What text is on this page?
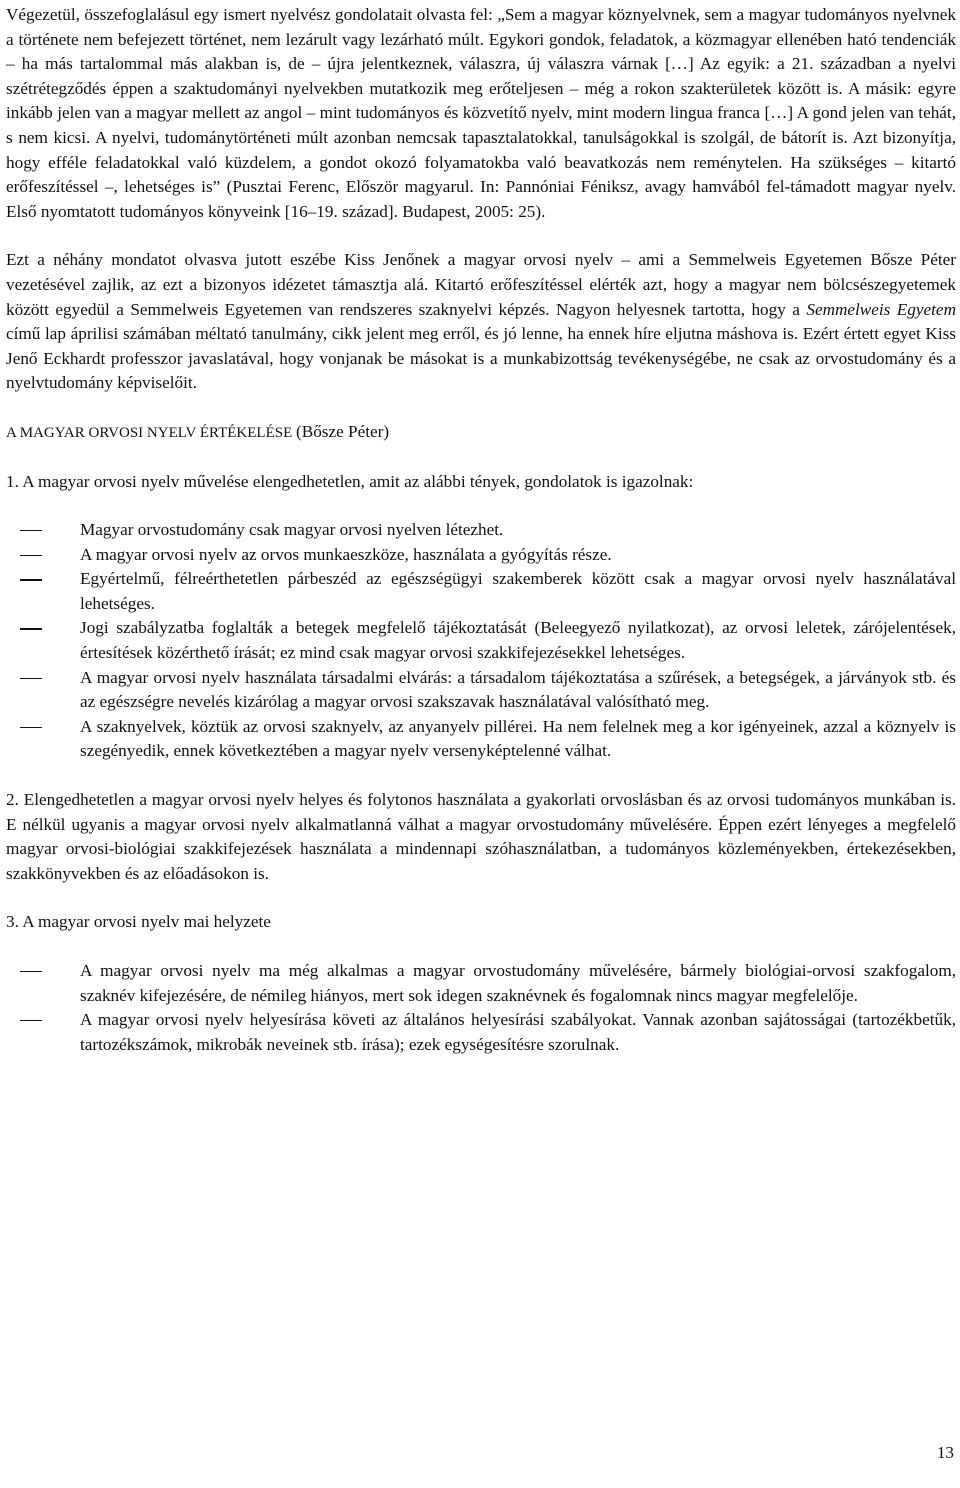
Végezetül, összefoglalásul egy ismert nyelvész gondolatait olvasta fel: „Sem a magyar köznyelvnek, sem a magyar tudományos nyelvnek a története nem befejezett történet, nem lezárult vagy lezárható múlt. Egykori gondok, feladatok, a közmagyar ellenében ható tendenciák – ha más tartalommal más alakban is, de – újra jelentkeznek, válaszra, új válaszra várnak […] Az egyik: a 21. században a nyelvi szétrétegződés éppen a szaktudományi nyelvekben mutatkozik meg erőteljesen – még a rokon szakterületek között is. A másik: egyre inkább jelen van a magyar mellett az angol – mint tudományos és közvetítő nyelv, mint modern lingua franca […] A gond jelen van tehát, s nem kicsi. A nyelvi, tudománytörténeti múlt azonban nemcsak tapasztalatokkal, tanulságokkal is szolgál, de bátorít is. Azt bizonyítja, hogy efféle feladatokkal való küzdelem, a gondot okozó folyamatokba való beavatkozás nem reménytelen. Ha szükséges – kitartó erőfeszítéssel –, lehetséges is” (Pusztai Ferenc, Először magyarul. In: Pannóniai Féniksz, avagy hamvából fel-támadott magyar nyelv. Első nyomtatott tudományos könyveink [16–19. század]. Budapest, 2005: 25).

Ezt a néhány mondatot olvasva jutott eszébe Kiss Jenőnek a magyar orvosi nyelv – ami a Semmelweis Egyetemen Bősze Péter vezetésével zajlik, az ezt a bizonyos idézetet támasztja alá. Kitartó erőfeszítéssel elérték azt, hogy a magyar nem bölcsészegyetemek között egyedül a Semmelweis Egyetemen van rendszeres szaknyelvi képzés. Nagyon helyesnek tartotta, hogy a Semmelweis Egyetem című lap áprilisi számában méltató tanulmány, cikk jelent meg erről, és jó lenne, ha ennek híre eljutna máshova is. Ezért értett egyet Kiss Jenő Eckhardt professzor javaslatával, hogy vonjanak be másokat is a munkabizottság tevékenységébe, ne csak az orvostudomány és a nyelvtudomány képviselőit.

A MAGYAR ORVOSI NYELV ÉRTÉKELÉSE (Bősze Péter)

1. A magyar orvosi nyelv művelése elengedhetetlen, amit az alábbi tények, gondolatok is igazolnak:

Magyar orvostudomány csak magyar orvosi nyelven létezhet.
A magyar orvosi nyelv az orvos munkaeszköze, használata a gyógyítás része.
Egyértelmű, félreérthetetlen párbeszéd az egészségügyi szakemberek között csak a magyar orvosi nyelv használatával lehetséges.
Jogi szabályzatba foglalták a betegek megfelelő tájékoztatását (Beleegyező nyilatkozat), az orvosi leletek, zárójelentések, értesítések közérthető írását; ez mind csak magyar orvosi szakkifejezésekkel lehetséges.
A magyar orvosi nyelv használata társadalmi elvárás: a társadalom tájékoztatása a szűrések, a betegségek, a járványok stb. és az egészségre nevelés kizárólag a magyar orvosi szakszavak használatával valósítható meg.
A szaknyelvek, köztük az orvosi szaknyelv, az anyanyelv pillérei. Ha nem felelnek meg a kor igényeinek, azzal a köznyelv is szegényedik, ennek következtében a magyar nyelv versenyképtelenné válhat.

2. Elengedhetetlen a magyar orvosi nyelv helyes és folytonos használata a gyakorlati orvoslásban és az orvosi tudományos munkában is. E nélkül ugyanis a magyar orvosi nyelv alkalmatlanná válhat a magyar orvostudomány művelésére. Éppen ezért lényeges a megfelelő magyar orvosi-biológiai szakkifejezések használata a mindennapi szóhasználatban, a tudományos közleményekben, értekezésekben, szakkönyvekben és az előadásokon is.

3. A magyar orvosi nyelv mai helyzete

A magyar orvosi nyelv ma még alkalmas a magyar orvostudomány művelésére, bármely biológiai-orvosi szakfogalom, szaknév kifejezésére, de némileg hiányos, mert sok idegen szaknévnek és fogalomnak nincs magyar megfelelője.
A magyar orvosi nyelv helyesírása követi az általános helyesírási szabályokat. Vannak azonban sajátosságai (tartozékbetűk, tartozékszámok, mikrobák neveinek stb. írása); ezek egységesítésre szorulnak.
13
